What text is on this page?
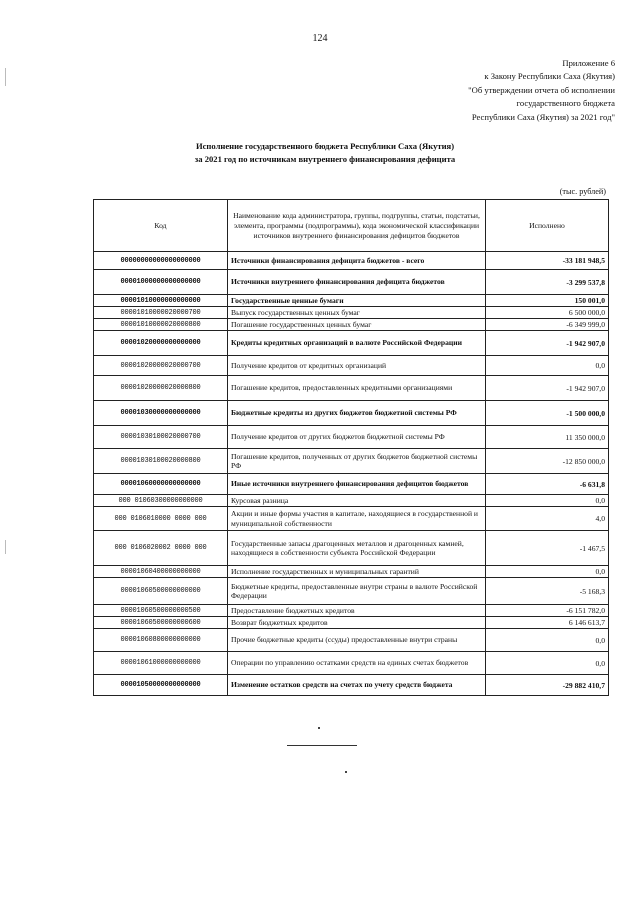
124
Приложение 6
к Закону Республики Саха (Якутия)
"Об утверждении отчета об исполнении
государственного бюджета
Республики Саха (Якутия) за 2021 год"
Исполнение государственного бюджета Республики Саха (Якутия)
за 2021 год по источникам внутреннего финансирования дефицита
(тыс. рублей)
Код	Наименование кода администратора, группы, подгруппы, статьи, подстатьи, элемента, программы (подпрограммы), кода экономической классификации источников внутреннего финансирования дефицитов бюджетов	Исполнено
00000000000000000000	Источники финансирования дефицита бюджетов - всего	-33 181 948,5
00001000000000000000	Источники внутреннего финансирования дефицита бюджетов	-3 299 537,8
00001010000000000000	Государственные ценные бумаги	150 001,0
00001010000020000700	Выпуск государственных ценных бумаг	6 500 000,0
00001010000020000800	Погашение государственных ценных бумаг	-6 349 999,0
00001020000000000000	Кредиты кредитных организаций в валюте Российской Федерации	-1 942 907,0
00001020000020000700	Получение кредитов от кредитных организаций	0,0
00001020000020000800	Погашение кредитов, предоставленных кредитными организациями	-1 942 907,0
00001030000000000000	Бюджетные кредиты из других бюджетов бюджетной системы РФ	-1 500 000,0
00001030100020000700	Получение кредитов от других бюджетов бюджетной системы РФ	11 350 000,0
00001030100020000800	Погашение кредитов, полученных от других бюджетов бюджетной системы РФ	-12 850 000,0
00001060000000000000	Иные источники внутреннего финансирования дефицитов бюджетов	-6 631,8
000 01060300000000000	Курсовая разница	0,0
000 0106010000 0000 000	Акции и иные формы участия в капитале, находящиеся в государственной и муниципальной собственности	4,0
000 0106020002 0000 000	Государственные запасы драгоценных металлов и драгоценных камней, находящиеся в собственности субъекта Российской Федерации	-1 467,5
00001060400000000000	Исполнение государственных и муниципальных гарантий	0,0
00001060500000000000	Бюджетные кредиты, предоставленные внутри страны в валюте Российской Федерации	-5 168,3
00001060500000000500	Предоставление бюджетных кредитов	-6 151 782,0
00001060500000000600	Возврат бюджетных кредитов	6 146 613,7
00001060800000000000	Прочие бюджетные кредиты (ссуды) предоставленные внутри страны	0,0
00001061000000000000	Операции по управлению остатками средств на единых счетах бюджетов	0,0
00001050000000000000	Изменение остатков средств на счетах по учету средств бюджета	-29 882 410,7
